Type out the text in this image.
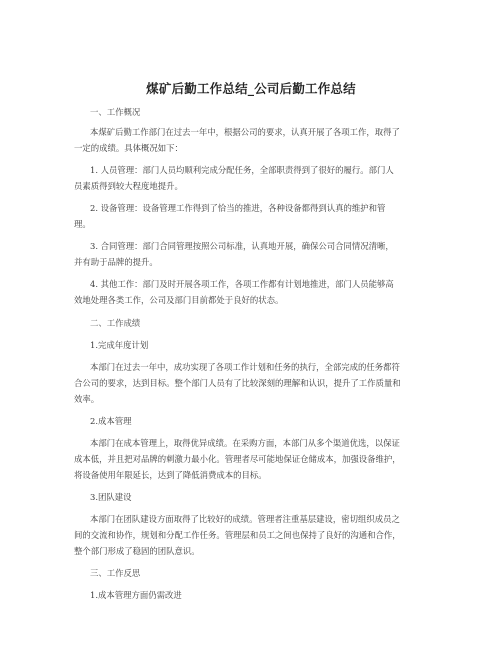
煤矿后勤工作总结_公司后勤工作总结
一、工作概况
本煤矿后勤工作部门在过去一年中，根据公司的要求，认真开展了各项工作，取得了
一定的成绩。具体概况如下：
1. 人员管理：部门人员均顺利完成分配任务，全部职责得到了很好的履行。部门人
员素质得到较大程度地提升。
2. 设备管理：设备管理工作得到了恰当的推进，各种设备都得到认真的维护和管
理。
3. 合同管理：部门合同管理按照公司标准，认真地开展，确保公司合同情况清晰，
并有助于品牌的提升。
4. 其他工作：部门及时开展各项工作，各项工作都有计划地推进，部门人员能够高
效地处理各类工作，公司及部门目前都处于良好的状态。
二、工作成绩
1.完成年度计划
本部门在过去一年中，成功实现了各项工作计划和任务的执行，全部完成的任务都符
合公司的要求，达到目标。整个部门人员有了比较深刻的理解和认识，提升了工作质量和
效率。
2.成本管理
本部门在成本管理上，取得优异成绩。在采购方面，本部门从多个渠道优选，以保证
成本低，并且把对品牌的刺激力最小化。管理者尽可能地保证仓储成本，加强设备维护，
将设备使用年限延长，达到了降低消费成本的目标。
3.团队建设
本部门在团队建设方面取得了比较好的成绩。管理者注重基层建设，密切组织成员之
间的交流和协作，规划和分配工作任务。管理层和员工之间也保持了良好的沟通和合作，
整个部门形成了稳固的团队意识。
三、工作反思
1.成本管理方面仍需改进
